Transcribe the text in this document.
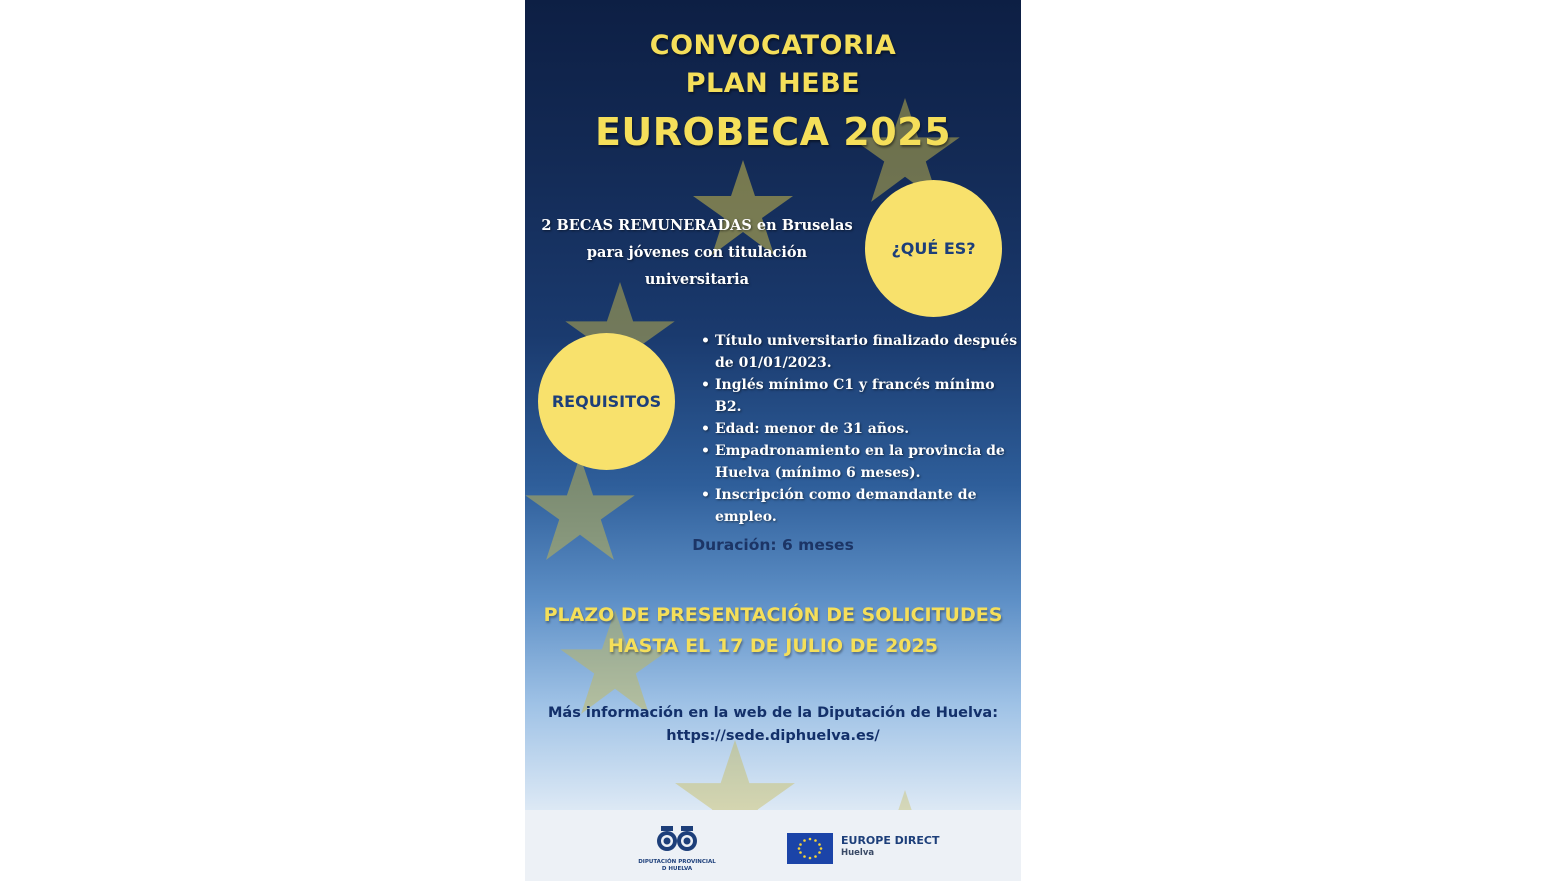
CONVOCATORIA
PLAN HEBE
EUROBECA 2025
2 BECAS REMUNERADAS en Bruselas
para jóvenes con titulación
universitaria
¿QUÉ ES?
REQUISITOS
• Título universitario finalizado después de 01/01/2023.
• Inglés mínimo C1 y francés mínimo B2.
• Edad: menor de 31 años.
• Empadronamiento en la provincia de Huelva (mínimo 6 meses).
• Inscripción como demandante de empleo.
Duración: 6 meses
PLAZO DE PRESENTACIÓN DE SOLICITUDES
HASTA EL 17 DE JULIO DE 2025
Más información en la web de la Diputación de Huelva:
https://sede.diphuelva.es/
DIPUTACIÓN PROVINCIAL
D HUELVA
EUROPE DIRECT
Huelva
